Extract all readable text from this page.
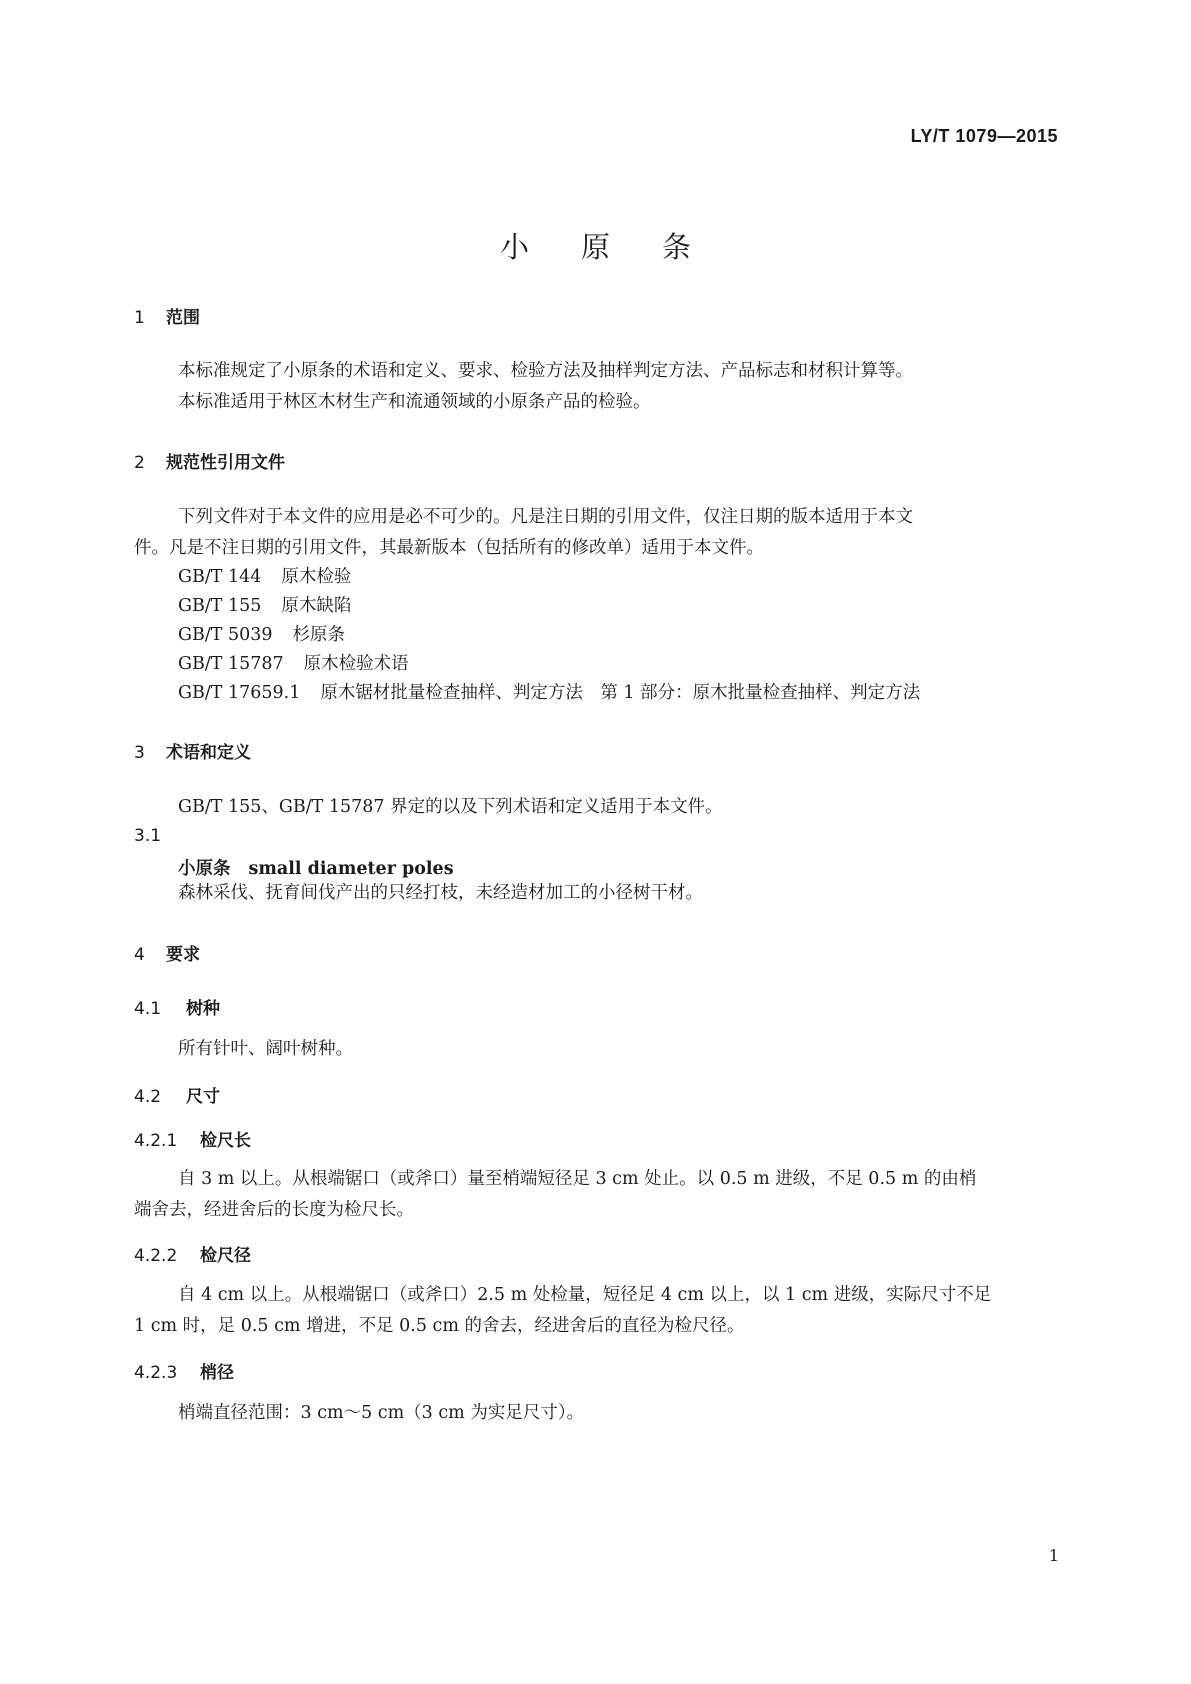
LY/T 1079—2015
小原条
1 范围
本标准规定了小原条的术语和定义、要求、检验方法及抽样判定方法、产品标志和材积计算等。
本标准适用于林区木材生产和流通领域的小原条产品的检验。
2 规范性引用文件
下列文件对于本文件的应用是必不可少的。凡是注日期的引用文件，仅注日期的版本适用于本文
件。凡是不注日期的引用文件，其最新版本（包括所有的修改单）适用于本文件。
GB/T 144 原木检验
GB/T 155 原木缺陷
GB/T 5039 杉原条
GB/T 15787 原木检验术语
GB/T 17659.1 原木锯材批量检查抽样、判定方法　第 1 部分：原木批量检查抽样、判定方法
3 术语和定义
GB/T 155、GB/T 15787 界定的以及下列术语和定义适用于本文件。
3.1
小原条 small diameter poles
森林采伐、抚育间伐产出的只经打枝，未经造材加工的小径树干材。
4 要求
4.1 树种
所有针叶、阔叶树种。
4.2 尺寸
4.2.1 检尺长
自 3 m 以上。从根端锯口（或斧口）量至梢端短径足 3 cm 处止。以 0.5 m 进级，不足 0.5 m 的由梢
端舍去，经进舍后的长度为检尺长。
4.2.2 检尺径
自 4 cm 以上。从根端锯口（或斧口）2.5 m 处检量，短径足 4 cm 以上，以 1 cm 进级，实际尺寸不足
1 cm 时，足 0.5 cm 增进，不足 0.5 cm 的舍去，经进舍后的直径为检尺径。
4.2.3 梢径
梢端直径范围：3 cm～5 cm（3 cm 为实足尺寸）。
1
